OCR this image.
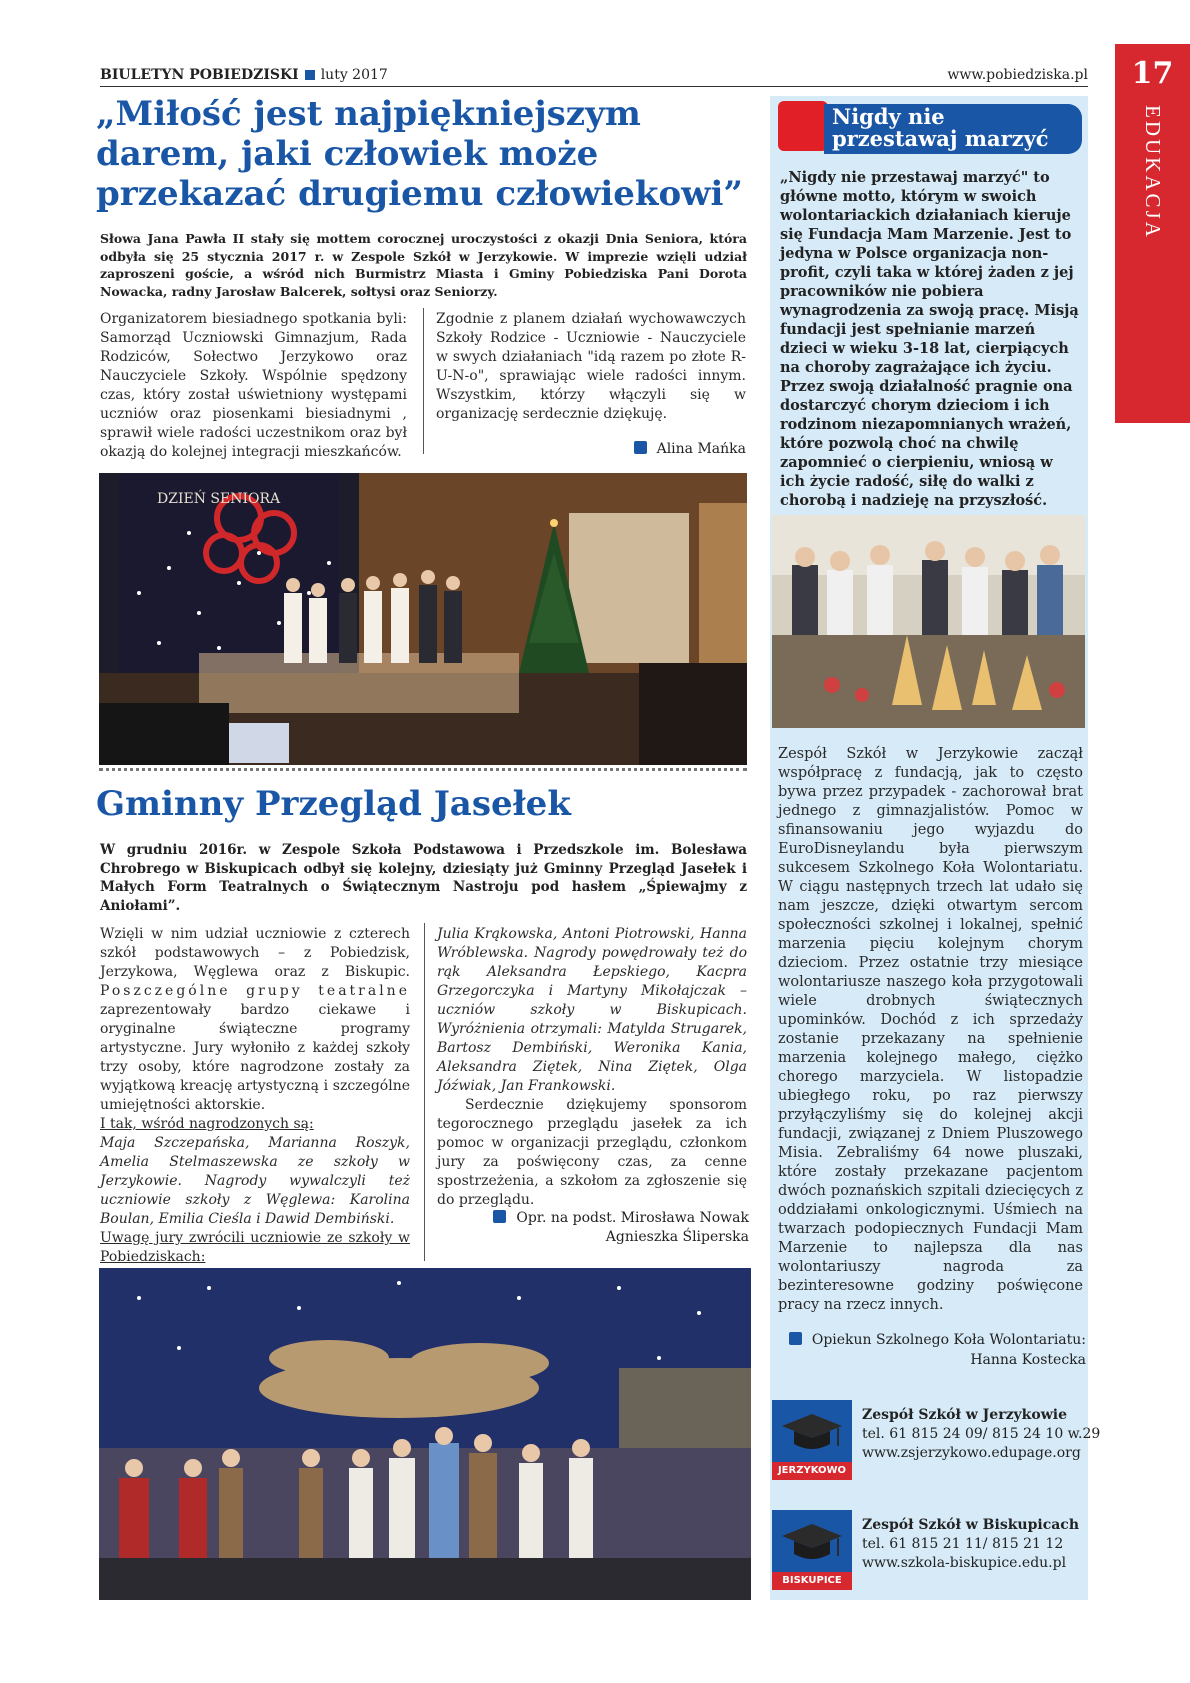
BIULETYN POBIEDZISKI luty 2017	www.pobiedziska.pl	17
EDUKACJA
„Miłość jest najpiękniejszym darem, jaki człowiek może przekazać drugiemu człowiekowi”
Słowa Jana Pawła II stały się mottem corocznej uroczystości z okazji Dnia Seniora, która odbyła się 25 stycznia 2017 r. w Zespole Szkół w Jerzykowie. W imprezie wzięli udział zaproszeni goście, a wśród nich Burmistrz Miasta i Gminy Pobiedziska Pani Dorota Nowacka, radny Jarosław Balcerek, sołtysi oraz Seniorzy.
Organizatorem biesiadnego spotkania byli: Samorząd Uczniowski Gimnazjum, Rada Rodziców, Sołectwo Jerzykowo oraz Nauczyciele Szkoły. Wspólnie spędzony czas, który został uświetniony występami uczniów oraz piosenkami biesiadnymi , sprawił wiele radości uczestnikom oraz był okazją do kolejnej integracji mieszkańców.
Zgodnie z planem działań wychowawczych Szkoły Rodzice - Uczniowie - Nauczyciele w swych działaniach "idą razem po złote R-U-N-o", sprawiając wiele radości innym. Wszystkim, którzy włączyli się w organizację serdecznie dziękuję.
Alina Mańka
DZIEŃ SENIORA
Gminny Przegląd Jasełek
W grudniu 2016r. w Zespole Szkoła Podstawowa i Przedszkole im. Bolesława Chrobrego w Biskupicach odbył się kolejny, dziesiąty już Gminny Przegląd Jasełek i Małych Form Teatralnych o Świątecznym Nastroju pod hasłem „Śpiewajmy z Aniołami”.
Wzięli w nim udział uczniowie z czterech szkół podstawowych – z Pobiedzisk, Jerzykowa, Węglewa oraz z Biskupic. Poszczególne grupy teatralne zaprezentowały bardzo ciekawe i oryginalne świąteczne programy artystyczne. Jury wyłoniło z każdej szkoły trzy osoby, które nagrodzone zostały za wyjątkową kreację artystyczną i szczególne umiejętności aktorskie.
I tak, wśród nagrodzonych są:
Maja Szczepańska, Marianna Roszyk, Amelia Stelmaszewska ze szkoły w Jerzykowie. Nagrody wywalczyli też uczniowie szkoły z Węglewa: Karolina Boulan, Emilia Cieśla i Dawid Dembiński.
Uwagę jury zwrócili uczniowie ze szkoły w Pobiedziskach:
Julia Krąkowska, Antoni Piotrowski, Hanna Wróblewska. Nagrody powędrowały też do rąk Aleksandra Łepskiego, Kacpra Grzegorczyka i Martyny Mikołajczak – uczniów szkoły w Biskupicach. Wyróżnienia otrzymali: Matylda Strugarek, Bartosz Dembiński, Weronika Kania, Aleksandra Ziętek, Nina Ziętek, Olga Jóźwiak, Jan Frankowski.
Serdecznie dziękujemy sponsorom tegorocznego przeglądu jasełek za ich pomoc w organizacji przeglądu, członkom jury za poświęcony czas, za cenne spostrzeżenia, a szkołom za zgłoszenie się do przeglądu.
Opr. na podst. Mirosława Nowak
Agnieszka Śliperska
Nigdy nie przestawaj marzyć
„Nigdy nie przestawaj marzyć" to główne motto, którym w swoich wolontariackich działaniach kieruje się Fundacja Mam Marzenie. Jest to jedyna w Polsce organizacja non- profit, czyli taka w której żaden z jej pracowników nie pobiera wynagrodzenia za swoją pracę. Misją fundacji jest spełnianie marzeń dzieci w wieku 3-18 lat, cierpiących na choroby zagrażające ich życiu. Przez swoją działalność pragnie ona dostarczyć chorym dzieciom i ich rodzinom niezapomnianych wrażeń, które pozwolą choć na chwilę zapomnieć o cierpieniu, wniosą w ich życie radość, siłę do walki z chorobą i nadzieję na przyszłość.
Zespół Szkół w Jerzykowie zaczął współpracę z fundacją, jak to często bywa przez przypadek - zachorował brat jednego z gimnazjalistów. Pomoc w sfinansowaniu jego wyjazdu do EuroDisneylandu była pierwszym sukcesem Szkolnego Koła Wolontariatu. W ciągu następnych trzech lat udało się nam jeszcze, dzięki otwartym sercom społeczności szkolnej i lokalnej, spełnić marzenia pięciu kolejnym chorym dzieciom. Przez ostatnie trzy miesiące wolontariusze naszego koła przygotowali wiele drobnych świątecznych upominków. Dochód z ich sprzedaży zostanie przekazany na spełnienie marzenia kolejnego małego, ciężko chorego marzyciela. W listopadzie ubiegłego roku, po raz pierwszy przyłączyliśmy się do kolejnej akcji fundacji, związanej z Dniem Pluszowego Misia. Zebraliśmy 64 nowe pluszaki, które zostały przekazane pacjentom dwóch poznańskich szpitali dziecięcych z oddziałami onkologicznymi. Uśmiech na twarzach podopiecznych Fundacji Mam Marzenie to najlepsza dla nas wolontariuszy nagroda za bezinteresowne godziny poświęcone pracy na rzecz innych.
Opiekun Szkolnego Koła Wolontariatu:
Hanna Kostecka
JERZYKOWO
Zespół Szkół w Jerzykowie
tel. 61 815 24 09/ 815 24 10 w.29
www.zsjerzykowo.edupage.org
BISKUPICE
Zespół Szkół w Biskupicach
tel. 61 815 21 11/ 815 21 12
www.szkola-biskupice.edu.pl
